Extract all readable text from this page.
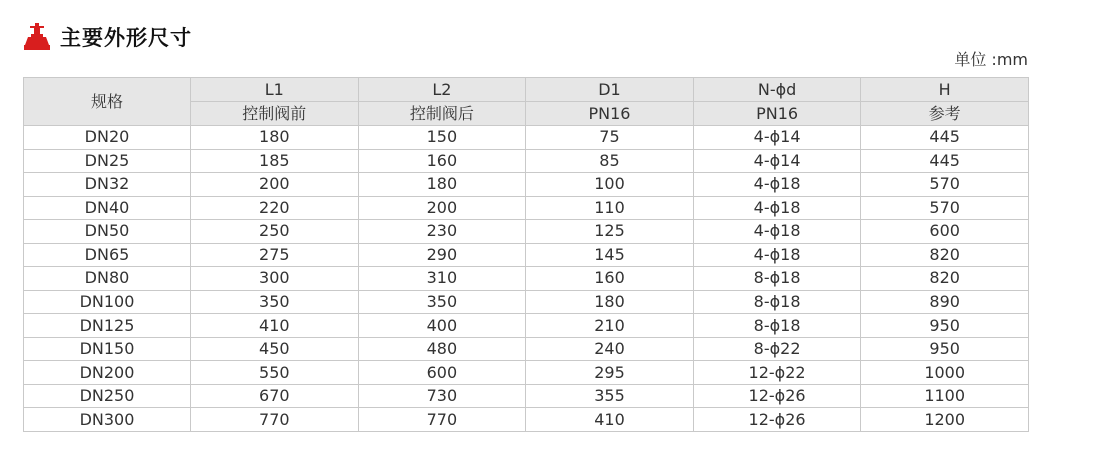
主要外形尺寸
单位 :mm
规格	L1	L2	D1	N-ϕd	H
	控制阀前	控制阀后	PN16	PN16	参考
DN20	180	150	75	4-ϕ14	445
DN25	185	160	85	4-ϕ14	445
DN32	200	180	100	4-ϕ18	570
DN40	220	200	110	4-ϕ18	570
DN50	250	230	125	4-ϕ18	600
DN65	275	290	145	4-ϕ18	820
DN80	300	310	160	8-ϕ18	820
DN100	350	350	180	8-ϕ18	890
DN125	410	400	210	8-ϕ18	950
DN150	450	480	240	8-ϕ22	950
DN200	550	600	295	12-ϕ22	1000
DN250	670	730	355	12-ϕ26	1100
DN300	770	770	410	12-ϕ26	1200
